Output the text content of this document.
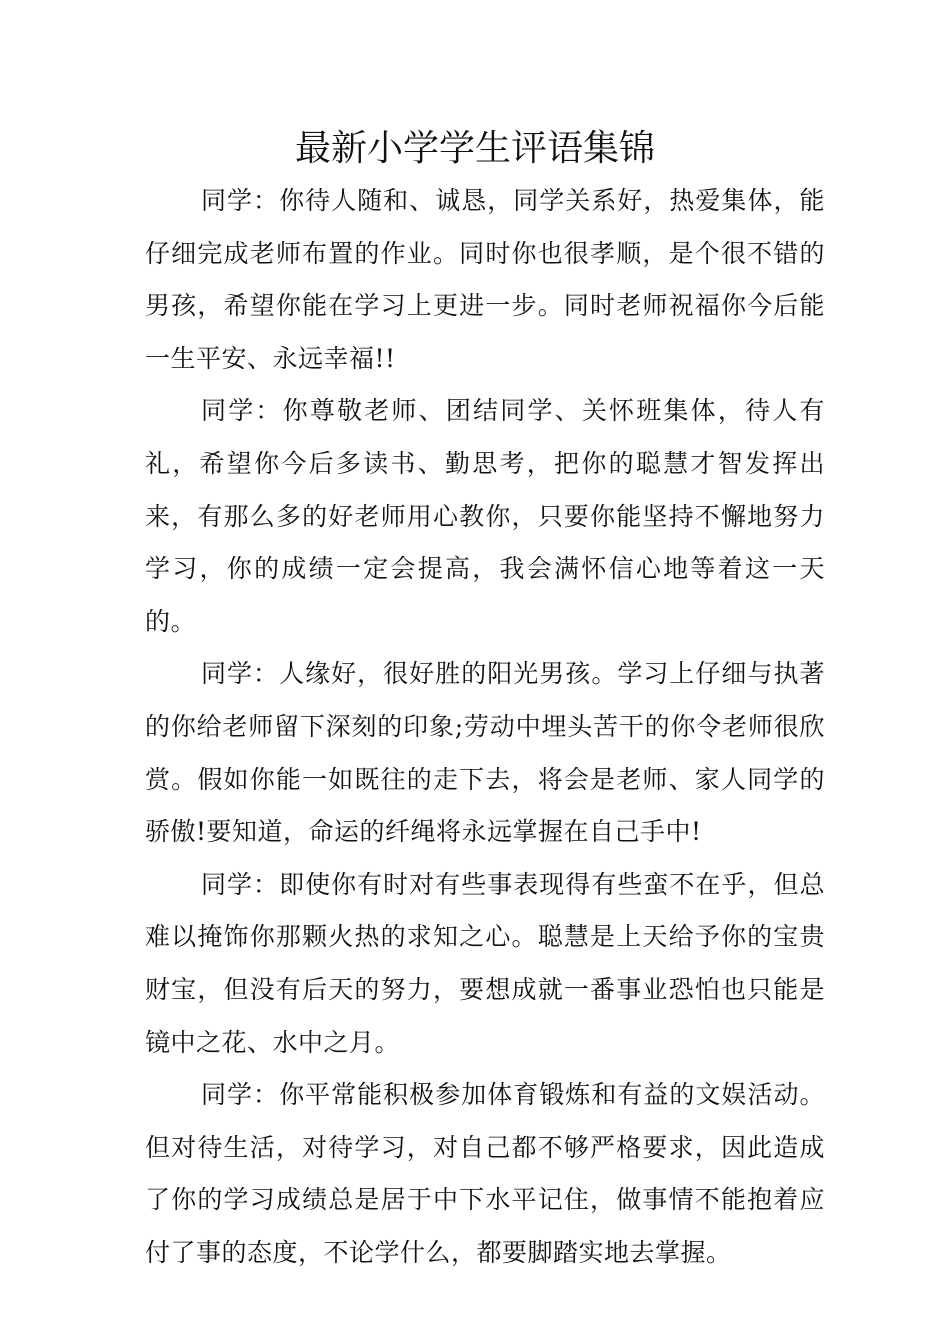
最新小学学生评语集锦

同学：你待人随和、诚恳，同学关系好，热爱集体，能仔细完成老师布置的作业。同时你也很孝顺，是个很不错的男孩，希望你能在学习上更进一步。同时老师祝福你今后能一生平安、永远幸福!!

同学：你尊敬老师、团结同学、关怀班集体，待人有礼，希望你今后多读书、勤思考，把你的聪慧才智发挥出来，有那么多的好老师用心教你，只要你能坚持不懈地努力学习，你的成绩一定会提高，我会满怀信心地等着这一天的。

同学：人缘好，很好胜的阳光男孩。学习上仔细与执著的你给老师留下深刻的印象;劳动中埋头苦干的你令老师很欣赏。假如你能一如既往的走下去，将会是老师、家人同学的骄傲!要知道，命运的纤绳将永远掌握在自己手中!

同学：即使你有时对有些事表现得有些蛮不在乎，但总难以掩饰你那颗火热的求知之心。聪慧是上天给予你的宝贵财宝，但没有后天的努力，要想成就一番事业恐怕也只能是镜中之花、水中之月。

同学：你平常能积极参加体育锻炼和有益的文娱活动。但对待生活，对待学习，对自己都不够严格要求，因此造成了你的学习成绩总是居于中下水平记住，做事情不能抱着应付了事的态度，不论学什么，都要脚踏实地去掌握。
